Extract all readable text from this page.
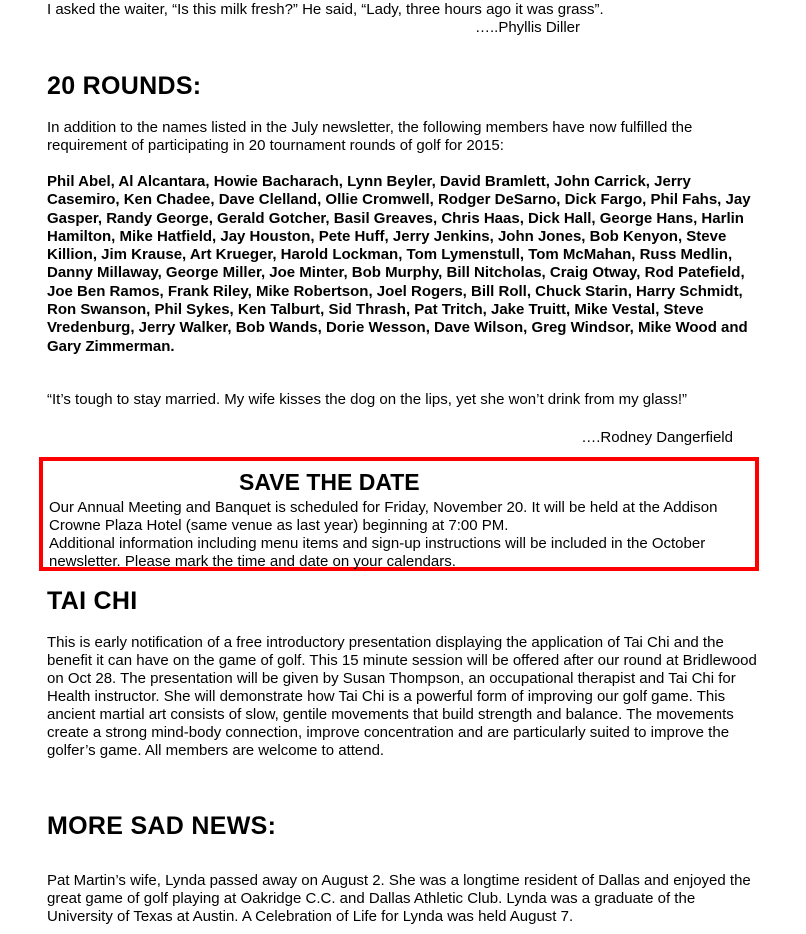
I asked the waiter, “Is this milk fresh?” He said, “Lady, three hours ago it was grass”.

…..Phyllis Diller

20 ROUNDS:

In addition to the names listed in the July newsletter, the following members have now fulfilled the requirement of participating in 20 tournament rounds of golf for 2015:

Phil Abel, Al Alcantara, Howie Bacharach, Lynn Beyler, David Bramlett, John Carrick, Jerry Casemiro, Ken Chadee, Dave Clelland, Ollie Cromwell, Rodger DeSarno, Dick Fargo, Phil Fahs, Jay Gasper, Randy George, Gerald Gotcher, Basil Greaves, Chris Haas, Dick Hall, George Hans, Harlin Hamilton, Mike Hatfield, Jay Houston, Pete Huff, Jerry Jenkins, John Jones, Bob Kenyon, Steve Killion, Jim Krause, Art Krueger, Harold Lockman, Tom Lymenstull, Tom McMahan, Russ Medlin, Danny Millaway, George Miller, Joe Minter, Bob Murphy, Bill Nitcholas, Craig Otway, Rod Patefield, Joe Ben Ramos, Frank Riley, Mike Robertson, Joel Rogers, Bill Roll, Chuck Starin, Harry Schmidt, Ron Swanson, Phil Sykes, Ken Talburt, Sid Thrash, Pat Tritch, Jake Truitt, Mike Vestal, Steve Vredenburg, Jerry Walker, Bob Wands, Dorie Wesson, Dave Wilson, Greg Windsor, Mike Wood and Gary Zimmerman.

“It’s tough to stay married. My wife kisses the dog on the lips, yet she won’t drink from my glass!”

….Rodney Dangerfield

SAVE THE DATE
Our Annual Meeting and Banquet is scheduled for Friday, November 20. It will be held at the Addison Crowne Plaza Hotel (same venue as last year) beginning at 7:00 PM.
Additional information including menu items and sign-up instructions will be included in the October newsletter. Please mark the time and date on your calendars.
TAI CHI

This is early notification of a free introductory presentation displaying the application of Tai Chi and the benefit it can have on the game of golf. This 15 minute session will be offered after our round at Bridlewood on Oct 28. The presentation will be given by Susan Thompson, an occupational therapist and Tai Chi for Health instructor. She will demonstrate how Tai Chi is a powerful form of improving our golf game. This ancient martial art consists of slow, gentile movements that build strength and balance. The movements create a strong mind-body connection, improve concentration and are particularly suited to improve the golfer’s game. All members are welcome to attend.

MORE SAD NEWS:

Pat Martin’s wife, Lynda passed away on August 2. She was a longtime resident of Dallas and enjoyed the great game of golf playing at Oakridge C.C. and Dallas Athletic Club. Lynda was a graduate of the University of Texas at Austin. A Celebration of Life for Lynda was held August 7.
